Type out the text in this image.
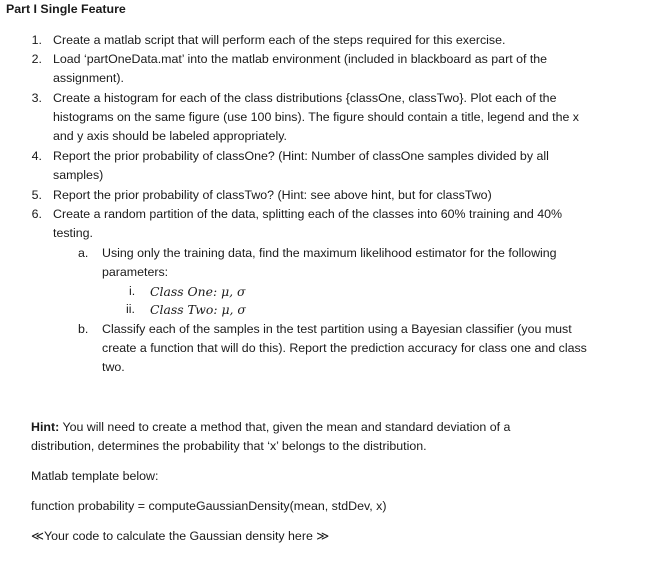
Part I Single Feature
1. Create a matlab script that will perform each of the steps required for this exercise.
2. Load ‘partOneData.mat’ into the matlab environment (included in blackboard as part of the
assignment).
3. Create a histogram for each of the class distributions {classOne, classTwo}. Plot each of the
histograms on the same figure (use 100 bins). The figure should contain a title, legend and the x
and y axis should be labeled appropriately.
4. Report the prior probability of classOne? (Hint: Number of classOne samples divided by all
samples)
5. Report the prior probability of classTwo? (Hint: see above hint, but for classTwo)
6. Create a random partition of the data, splitting each of the classes into 60% training and 40%
testing.
a. Using only the training data, find the maximum likelihood estimator for the following
parameters:
i. Class One: μ, σ
ii. Class Two: μ, σ
b. Classify each of the samples in the test partition using a Bayesian classifier (you must
create a function that will do this). Report the prediction accuracy for class one and class
two.
Hint: You will need to create a method that, given the mean and standard deviation of a
distribution, determines the probability that ‘x’ belongs to the distribution.
Matlab template below:
function probability = computeGaussianDensity(mean, stdDev, x)
≪Your code to calculate the Gaussian density here ≫
